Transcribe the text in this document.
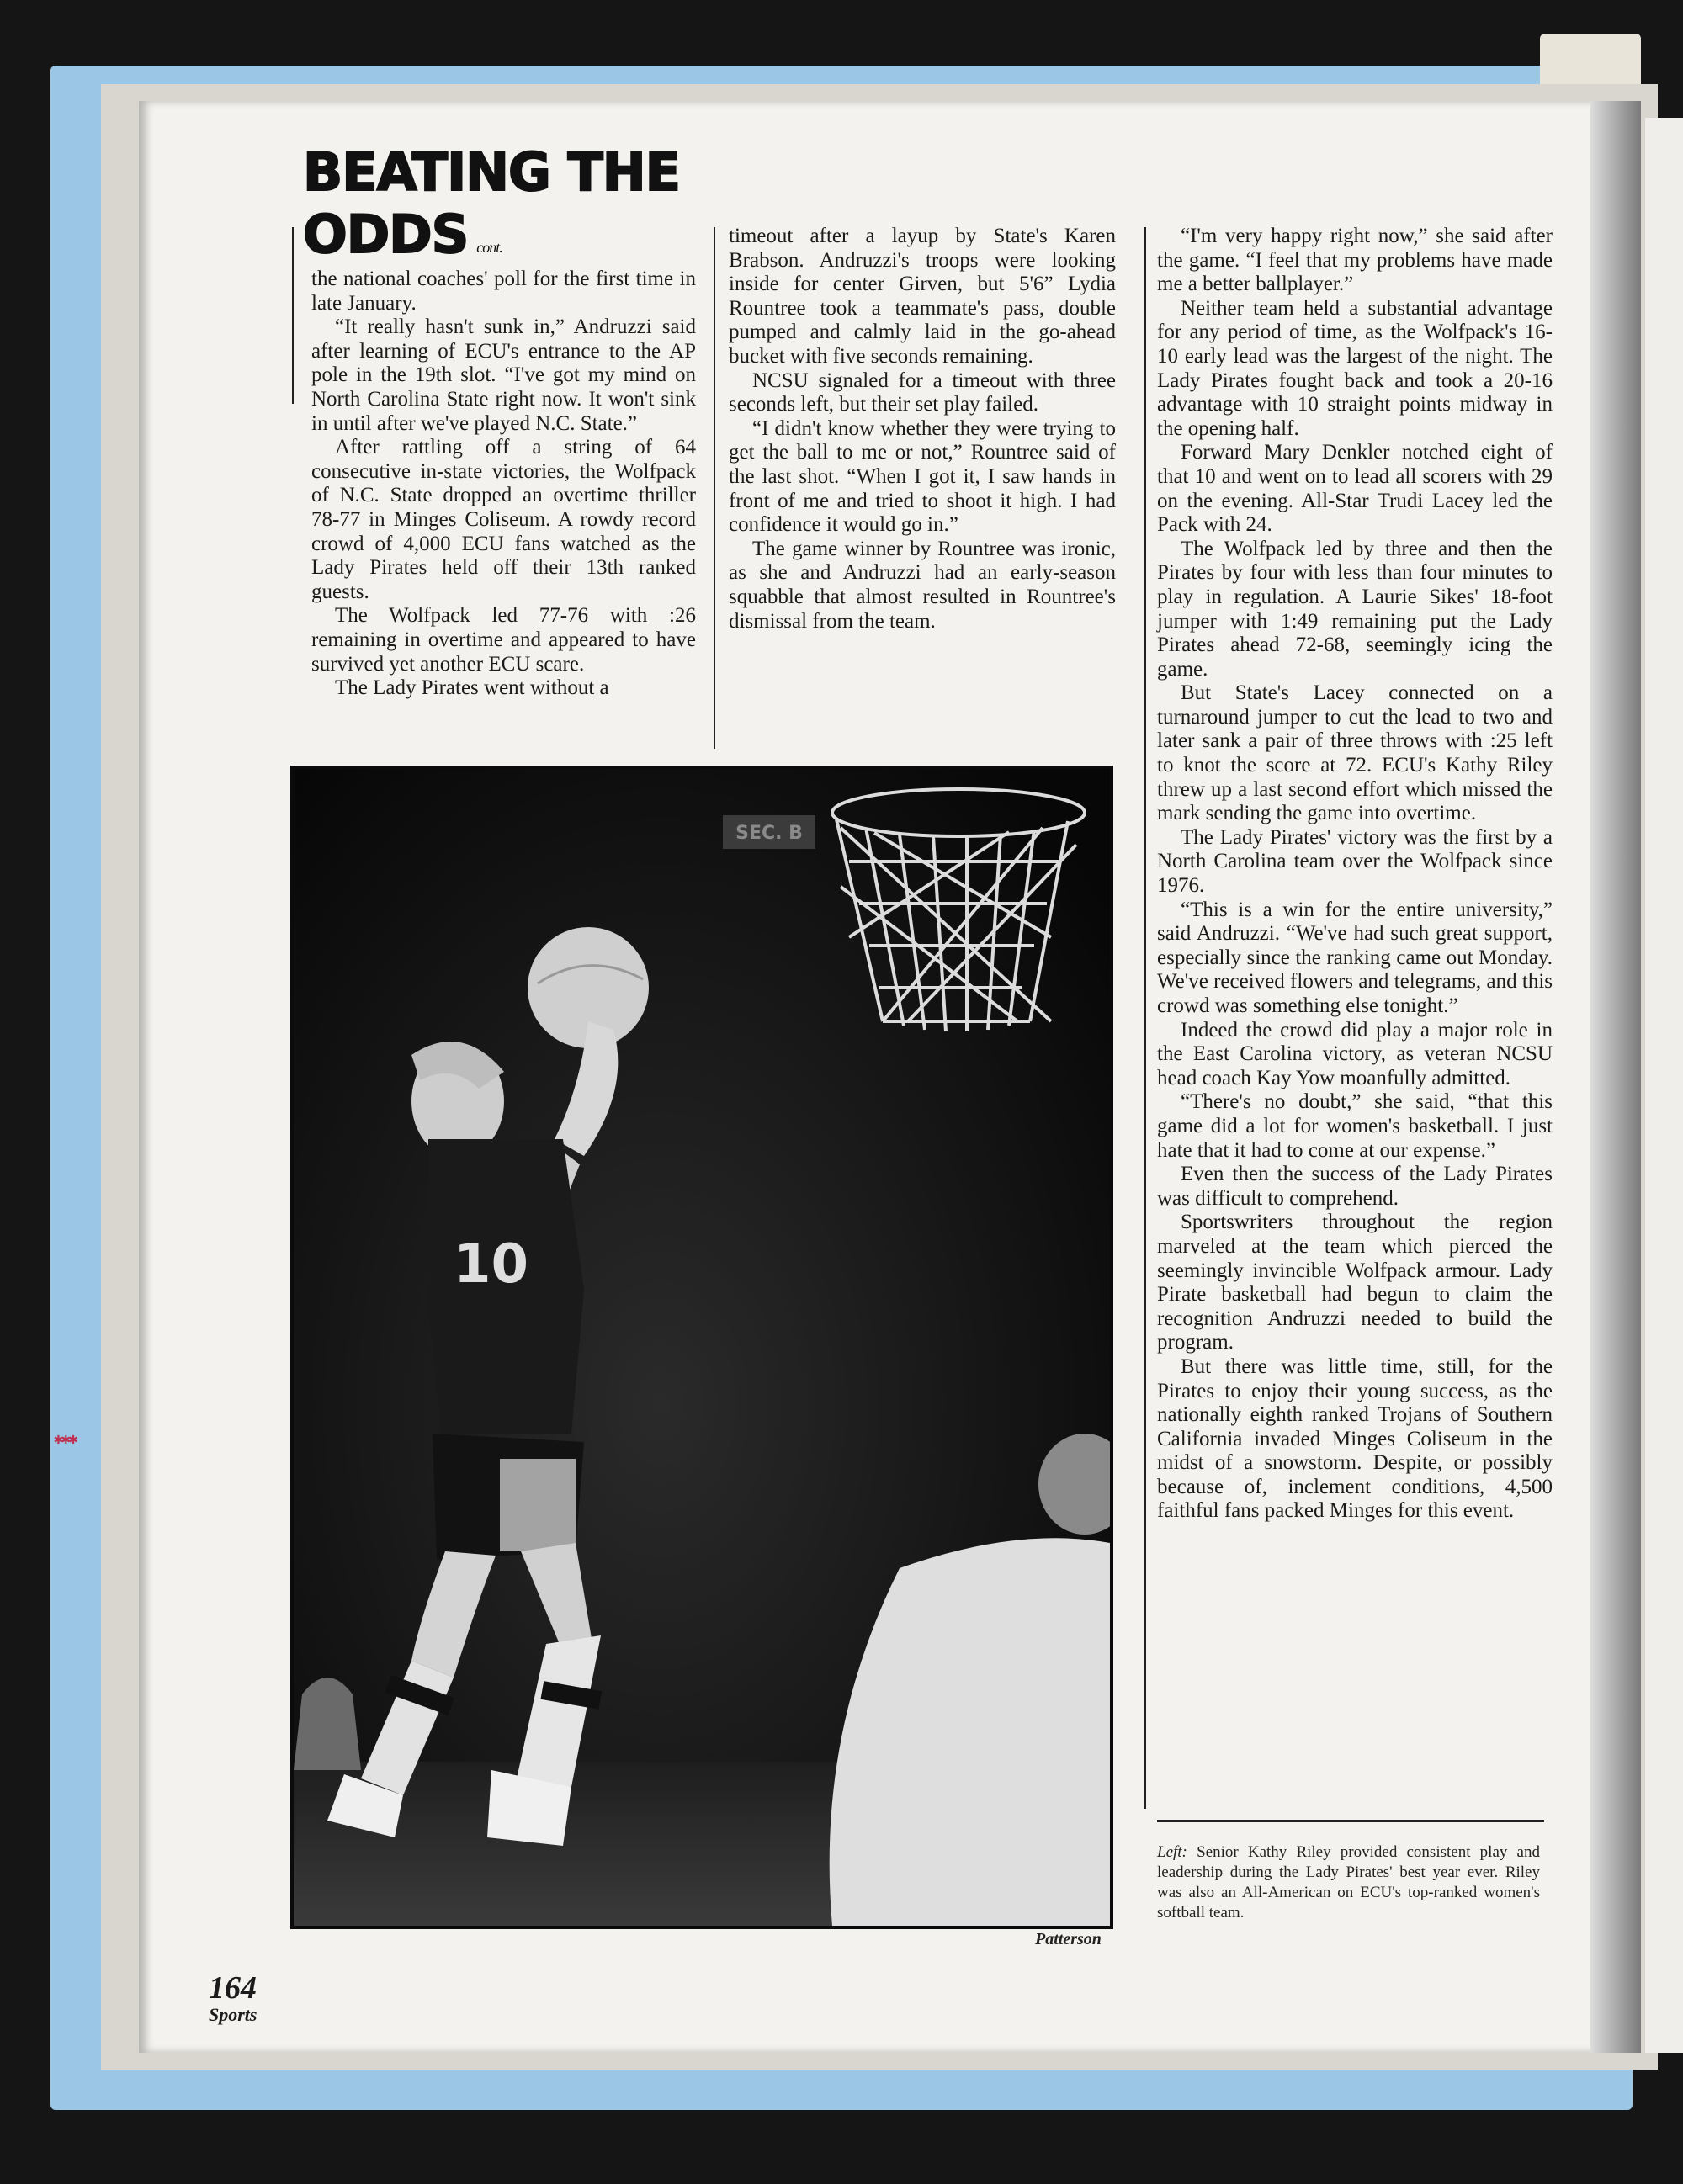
✱✱✱
BEATING THE
ODDS cont.

the national coaches' poll for the first time in late January.

“It really hasn't sunk in,” Andruzzi said after learning of ECU's entrance to the AP pole in the 19th slot. “I've got my mind on North Carolina State right now. It won't sink in until after we've played N.C. State.”

After rattling off a string of 64 consecutive in-state victories, the Wolfpack of N.C. State dropped an overtime thriller 78-77 in Minges Coliseum. A rowdy record crowd of 4,000 ECU fans watched as the Lady Pirates held off their 13th ranked guests.

The Wolfpack led 77-76 with :26 remaining in overtime and appeared to have survived yet another ECU scare.

The Lady Pirates went without a

timeout after a layup by State's Karen Brabson. Andruzzi's troops were looking inside for center Girven, but 5'6” Lydia Rountree took a teammate's pass, double pumped and calmly laid in the go-ahead bucket with five seconds remaining.

NCSU signaled for a timeout with three seconds left, but their set play failed.

“I didn't know whether they were trying to get the ball to me or not,” Rountree said of the last shot. “When I got it, I saw hands in front of me and tried to shoot it high. I had confidence it would go in.”

The game winner by Rountree was ironic, as she and Andruzzi had an early-season squabble that almost resulted in Rountree's dismissal from the team.

“I'm very happy right now,” she said after the game. “I feel that my problems have made me a better ballplayer.”

Neither team held a substantial advantage for any period of time, as the Wolfpack's 16-10 early lead was the largest of the night. The Lady Pirates fought back and took a 20-16 advantage with 10 straight points midway in the opening half.

Forward Mary Denkler notched eight of that 10 and went on to lead all scorers with 29 on the evening. All-Star Trudi Lacey led the Pack with 24.

The Wolfpack led by three and then the Pirates by four with less than four minutes to play in regulation. A Laurie Sikes' 18-foot jumper with 1:49 remaining put the Lady Pirates ahead 72-68, seemingly icing the game.

But State's Lacey connected on a turnaround jumper to cut the lead to two and later sank a pair of three throws with :25 left to knot the score at 72. ECU's Kathy Riley threw up a last second effort which missed the mark sending the game into overtime.

The Lady Pirates' victory was the first by a North Carolina team over the Wolfpack since 1976.

“This is a win for the entire university,” said Andruzzi. “We've had such great support, especially since the ranking came out Monday. We've received flowers and telegrams, and this crowd was something else tonight.”

Indeed the crowd did play a major role in the East Carolina victory, as veteran NCSU head coach Kay Yow moanfully admitted.

“There's no doubt,” she said, “that this game did a lot for women's basketball. I just hate that it had to come at our expense.”

Even then the success of the Lady Pirates was difficult to comprehend.

Sportswriters throughout the region marveled at the team which pierced the seemingly invincible Wolfpack armour. Lady Pirate basketball had begun to claim the recognition Andruzzi needed to build the program.

But there was little time, still, for the Pirates to enjoy their young success, as the nationally eighth ranked Trojans of Southern California invaded Minges Coliseum in the midst of a snowstorm. Despite, or possibly because of, inclement conditions, 4,500 faithful fans packed Minges for this event.

SEC. B
10
Patterson
Left: Senior Kathy Riley provided consistent play and leadership during the Lady Pirates' best year ever. Riley was also an All-American on ECU's top-ranked women's softball team.
164
Sports
